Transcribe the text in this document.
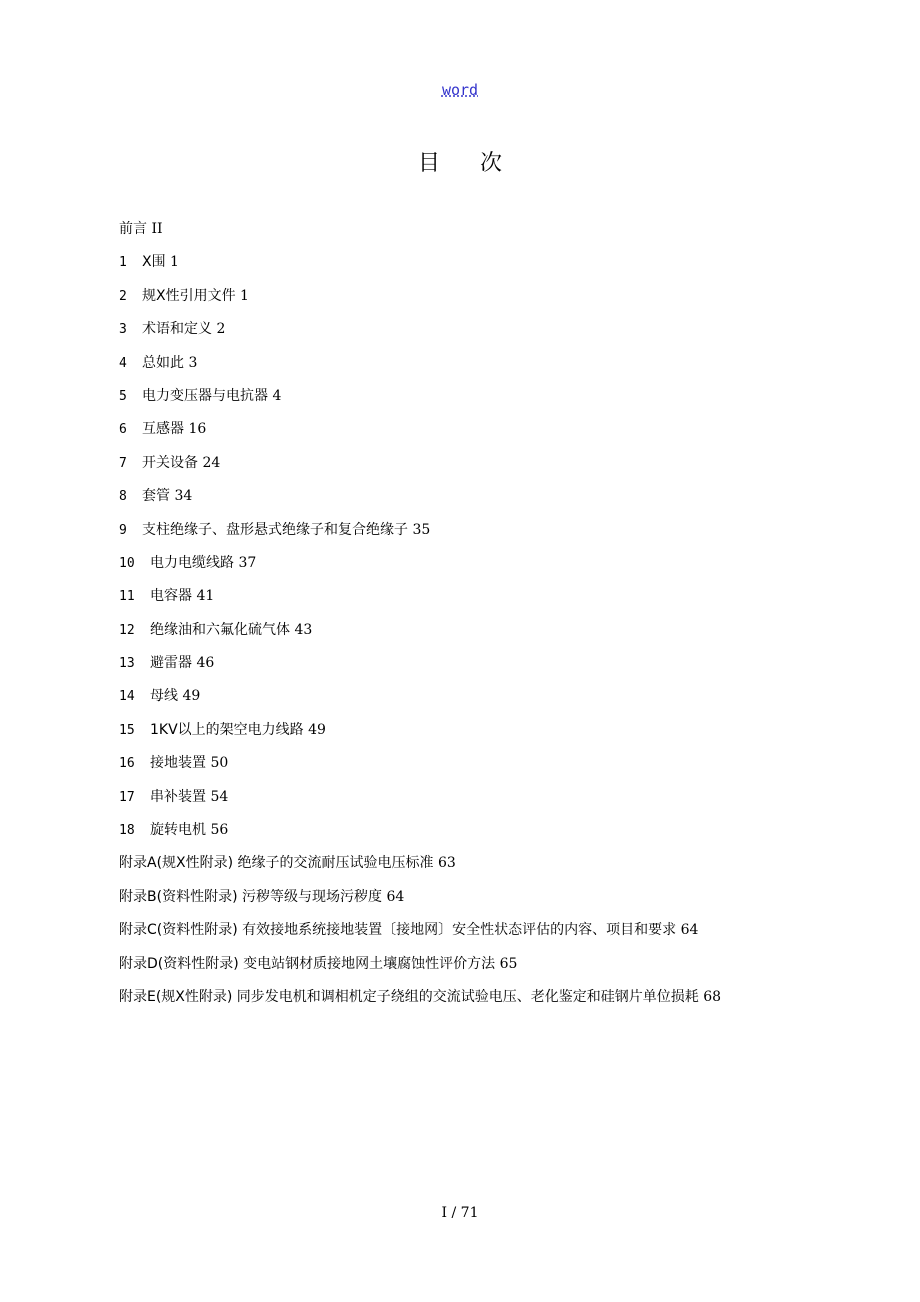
word
目次
前言 II
1 X围 1
2 规X性引用文件 1
3 术语和定义 2
4 总如此 3
5 电力变压器与电抗器 4
6 互感器 16
7 开关设备 24
8 套管 34
9 支柱绝缘子、盘形悬式绝缘子和复合绝缘子 35
10 电力电缆线路 37
11 电容器 41
12 绝缘油和六氟化硫气体 43
13 避雷器 46
14 母线 49
15 1KV以上的架空电力线路 49
16 接地装置 50
17 串补装置 54
18 旋转电机 56
附录A(规X性附录) 绝缘子的交流耐压试验电压标准 63
附录B(资料性附录) 污秽等级与现场污秽度 64
附录C(资料性附录) 有效接地系统接地装置〔接地网〕安全性状态评估的内容、项目和要求 64
附录D(资料性附录) 变电站钢材质接地网土壤腐蚀性评价方法 65
附录E(规X性附录) 同步发电机和调相机定子绕组的交流试验电压、老化鉴定和硅钢片单位损耗 68
I / 71
